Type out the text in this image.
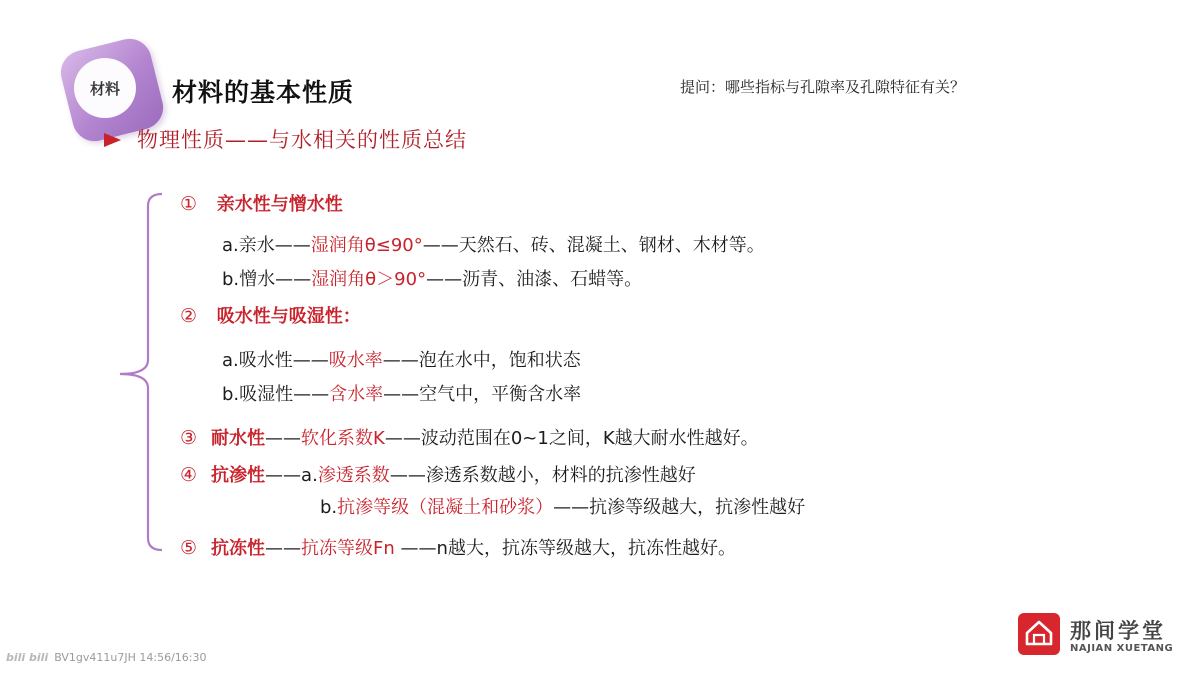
材料	材料的基本性质	提问：哪些指标与孔隙率及孔隙特征有关？
物理性质——与水相关的性质总结
① 亲水性与憎水性
a.亲水——湿润角θ≤90°——天然石、砖、混凝土、钢材、木材等。
b.憎水——湿润角θ＞90°——沥青、油漆、石蜡等。
② 吸水性与吸湿性：
a.吸水性——吸水率——泡在水中，饱和状态
b.吸湿性——含水率——空气中，平衡含水率
③ 耐水性——软化系数K——波动范围在0~1之间，K越大耐水性越好。
④ 抗渗性——a.渗透系数——渗透系数越小，材料的抗渗性越好
b.抗渗等级（混凝土和砂浆）——抗渗等级越大，抗渗性越好
⑤ 抗冻性——抗冻等级Fn ——n越大，抗冻等级越大，抗冻性越好。
bili bili BV1gv411u7JH 14:56/16:30
那间学堂
NAJIAN XUETANG
